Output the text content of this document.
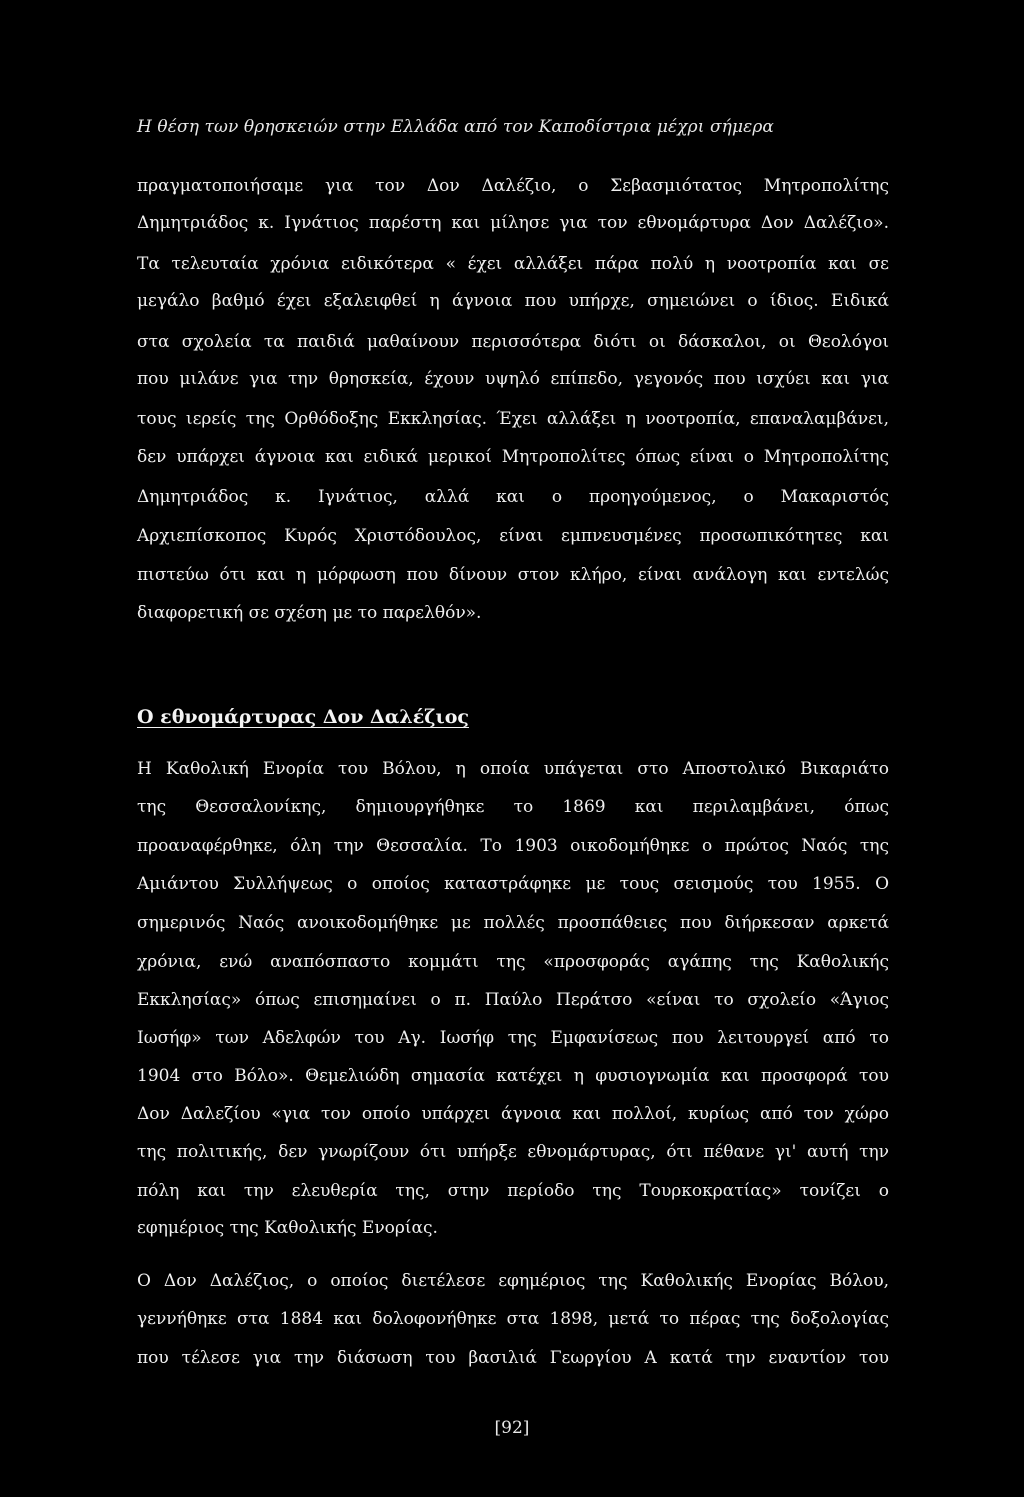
Η θέση των θρησκειών στην Ελλάδα από τον Καποδίστρια μέχρι σήμερα
πραγματοποιήσαμε για τον Δον Δαλέζιο, ο Σεβασμιότατος Μητροπολίτης
Δημητριάδος κ. Ιγνάτιος παρέστη και μίλησε για τον εθνομάρτυρα Δον Δαλέζιο».
Τα τελευταία χρόνια ειδικότερα « έχει αλλάξει πάρα πολύ η νοοτροπία και σε
μεγάλο βαθμό έχει εξαλειφθεί η άγνοια που υπήρχε, σημειώνει ο ίδιος. Ειδικά
στα σχολεία τα παιδιά μαθαίνουν περισσότερα διότι οι δάσκαλοι, οι Θεολόγοι
που μιλάνε για την θρησκεία, έχουν υψηλό επίπεδο, γεγονός που ισχύει και για
τους ιερείς της Ορθόδοξης Εκκλησίας. Έχει αλλάξει η νοοτροπία, επαναλαμβάνει,
δεν υπάρχει άγνοια και ειδικά μερικοί Μητροπολίτες όπως είναι ο Μητροπολίτης
Δημητριάδος κ. Ιγνάτιος, αλλά και ο προηγούμενος, ο Μακαριστός
Αρχιεπίσκοπος Κυρός Χριστόδουλος, είναι εμπνευσμένες προσωπικότητες και
πιστεύω ότι και η μόρφωση που δίνουν στον κλήρο, είναι ανάλογη και εντελώς
διαφορετική σε σχέση με το παρελθόν».
Ο εθνομάρτυρας Δον Δαλέζιος
Η Καθολική Ενορία του Βόλου, η οποία υπάγεται στο Αποστολικό Βικαριάτο
της Θεσσαλονίκης, δημιουργήθηκε το 1869 και περιλαμβάνει, όπως
προαναφέρθηκε, όλη την Θεσσαλία. Το 1903 οικοδομήθηκε ο πρώτος Ναός της
Αμιάντου Συλλήψεως ο οποίος καταστράφηκε με τους σεισμούς του 1955. Ο
σημερινός Ναός ανοικοδομήθηκε με πολλές προσπάθειες που διήρκεσαν αρκετά
χρόνια, ενώ αναπόσπαστο κομμάτι της «προσφοράς αγάπης της Καθολικής
Εκκλησίας» όπως επισημαίνει ο π. Παύλο Περάτσο «είναι το σχολείο «Άγιος
Ιωσήφ» των Αδελφών του Αγ. Ιωσήφ της Εμφανίσεως που λειτουργεί από το
1904 στο Βόλο». Θεμελιώδη σημασία κατέχει η φυσιογνωμία και προσφορά του
Δον Δαλεζίου «για τον οποίο υπάρχει άγνοια και πολλοί, κυρίως από τον χώρο
της πολιτικής, δεν γνωρίζουν ότι υπήρξε εθνομάρτυρας, ότι πέθανε γι' αυτή την
πόλη και την ελευθερία της, στην περίοδο της Τουρκοκρατίας» τονίζει ο
εφημέριος της Καθολικής Ενορίας.
Ο Δον Δαλέζιος, ο οποίος διετέλεσε εφημέριος της Καθολικής Ενορίας Βόλου,
γεννήθηκε στα 1884 και δολοφονήθηκε στα 1898, μετά το πέρας της δοξολογίας
που τέλεσε για την διάσωση του βασιλιά Γεωργίου Α κατά την εναντίον του
[92]
